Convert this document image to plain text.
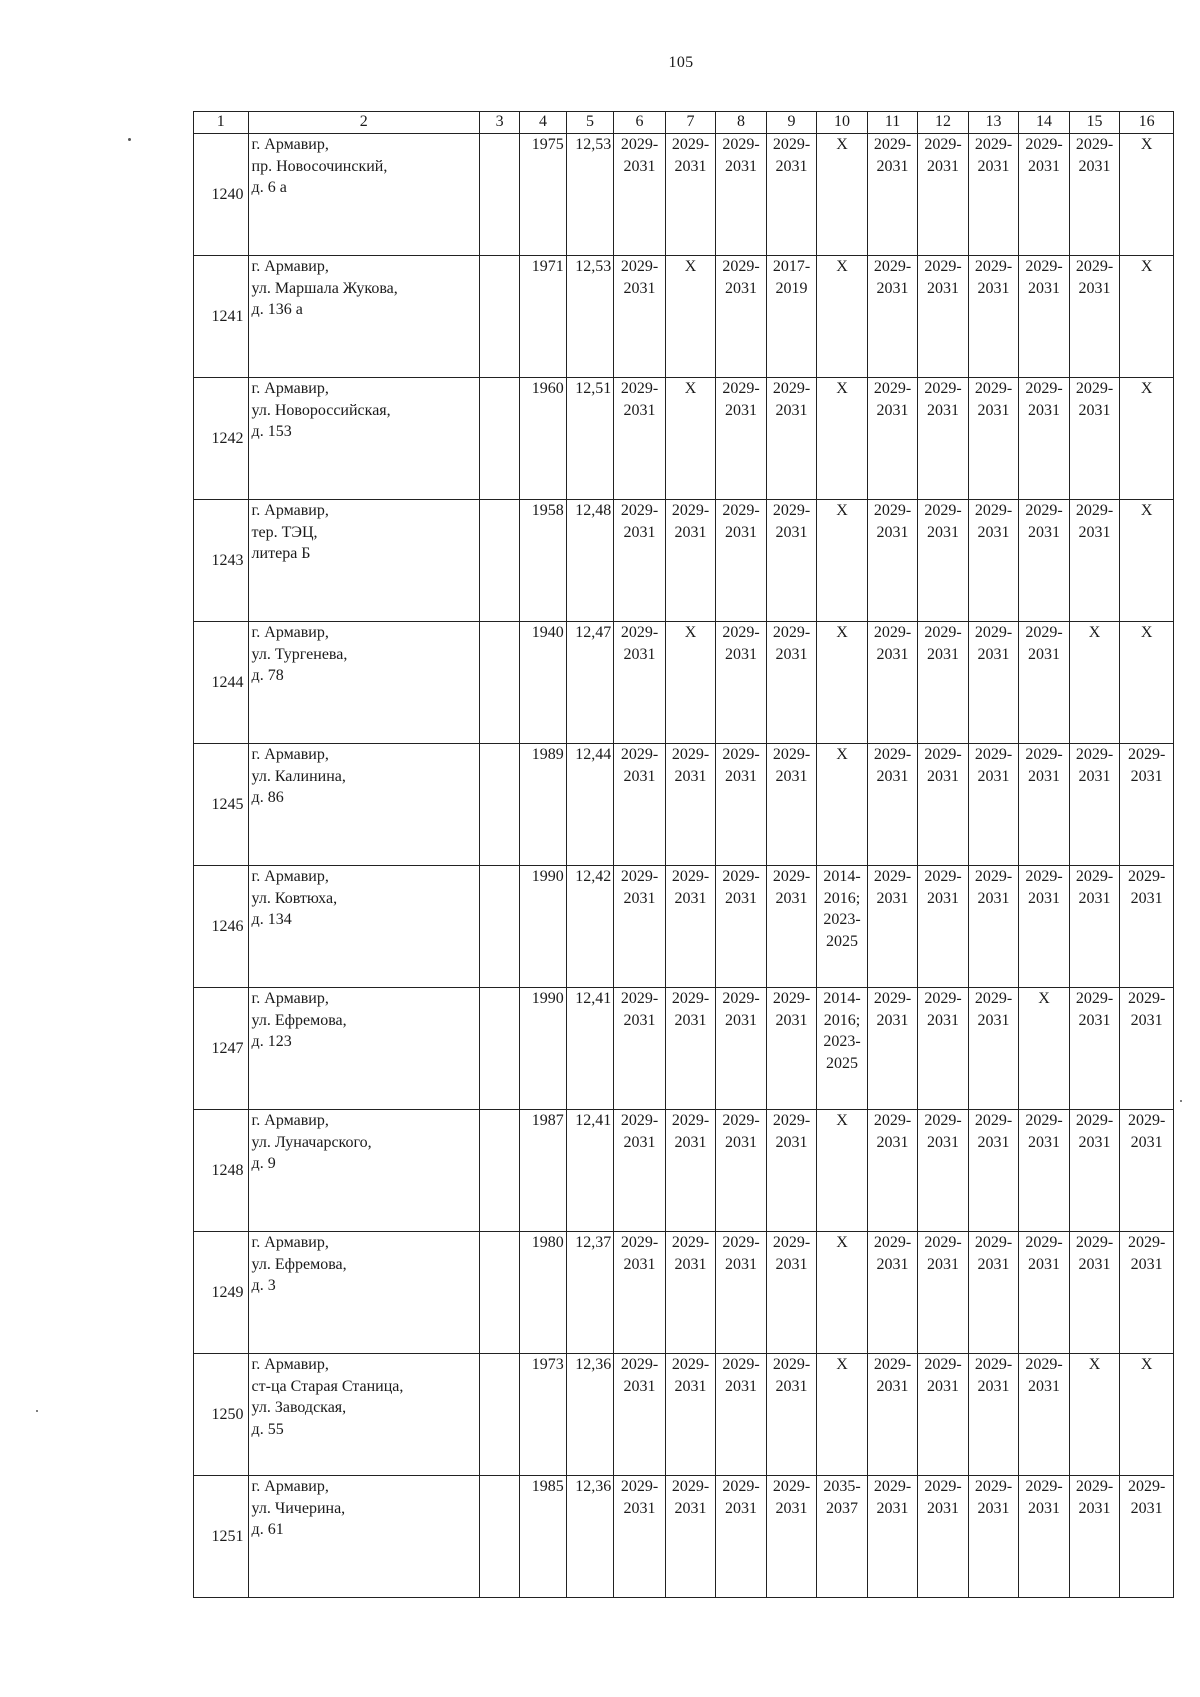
105
1	2	3	4	5	6	7	8	9	10	11	12	13	14	15	16
1240	г. Армавир,
пр. Новосочинский,
д. 6 а		1975	12,53	2029-
2031	2029-
2031	2029-
2031	2029-
2031	Х	2029-
2031	2029-
2031	2029-
2031	2029-
2031	2029-
2031	Х

1241	г. Армавир,
ул. Маршала Жукова,
д. 136 а		1971	12,53	2029-
2031	Х	2029-
2031	2017-
2019	Х	2029-
2031	2029-
2031	2029-
2031	2029-
2031	2029-
2031	Х

1242	г. Армавир,
ул. Новороссийская,
д. 153		1960	12,51	2029-
2031	Х	2029-
2031	2029-
2031	Х	2029-
2031	2029-
2031	2029-
2031	2029-
2031	2029-
2031	Х

1243	г. Армавир,
тер. ТЭЦ,
литера Б		1958	12,48	2029-
2031	2029-
2031	2029-
2031	2029-
2031	Х	2029-
2031	2029-
2031	2029-
2031	2029-
2031	2029-
2031	Х

1244	г. Армавир,
ул. Тургенева,
д. 78		1940	12,47	2029-
2031	Х	2029-
2031	2029-
2031	Х	2029-
2031	2029-
2031	2029-
2031	2029-
2031	Х	Х

1245	г. Армавир,
ул. Калинина,
д. 86		1989	12,44	2029-
2031	2029-
2031	2029-
2031	2029-
2031	Х	2029-
2031	2029-
2031	2029-
2031	2029-
2031	2029-
2031	2029-
2031

1246	г. Армавир,
ул. Ковтюха,
д. 134		1990	12,42	2029-
2031	2029-
2031	2029-
2031	2029-
2031	2014-
2016;
2023-
2025	2029-
2031	2029-
2031	2029-
2031	2029-
2031	2029-
2031	2029-
2031

1247	г. Армавир,
ул. Ефремова,
д. 123		1990	12,41	2029-
2031	2029-
2031	2029-
2031	2029-
2031	2014-
2016;
2023-
2025	2029-
2031	2029-
2031	2029-
2031	Х	2029-
2031	2029-
2031

1248	г. Армавир,
ул. Луначарского,
д. 9		1987	12,41	2029-
2031	2029-
2031	2029-
2031	2029-
2031	Х	2029-
2031	2029-
2031	2029-
2031	2029-
2031	2029-
2031	2029-
2031

1249	г. Армавир,
ул. Ефремова,
д. 3		1980	12,37	2029-
2031	2029-
2031	2029-
2031	2029-
2031	Х	2029-
2031	2029-
2031	2029-
2031	2029-
2031	2029-
2031	2029-
2031

1250	г. Армавир,
ст-ца Старая Станица,
ул. Заводская,
д. 55		1973	12,36	2029-
2031	2029-
2031	2029-
2031	2029-
2031	Х	2029-
2031	2029-
2031	2029-
2031	2029-
2031	Х	Х

1251	г. Армавир,
ул. Чичерина,
д. 61		1985	12,36	2029-
2031	2029-
2031	2029-
2031	2029-
2031	2035-
2037	2029-
2031	2029-
2031	2029-
2031	2029-
2031	2029-
2031	2029-
2031
